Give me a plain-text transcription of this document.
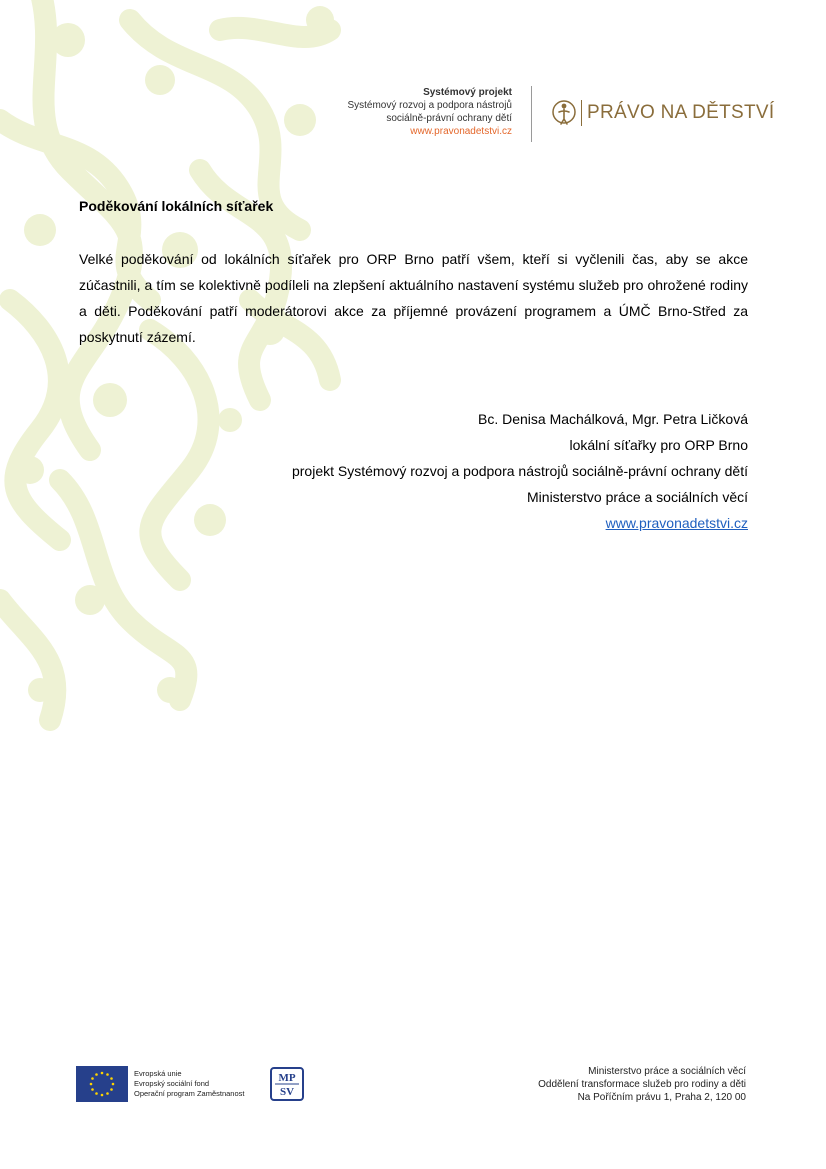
Systémový projekt
Systémový rozvoj a podpora nástrojů
sociálně-právní ochrany dětí
www.pravonadetstvi.cz
PRÁVO NA DĚTSTVÍ
Poděkování lokálních síťařek

Velké poděkování od lokálních síťařek pro ORP Brno patří všem, kteří si vyčlenili čas, aby se akce zúčastnili, a tím se kolektivně podíleli na zlepšení aktuálního nastavení systému služeb pro ohrožené rodiny a děti. Poděkování patří moderátorovi akce za příjemné provázení programem a ÚMČ Brno-Střed za poskytnutí zázemí.

Bc. Denisa Machálková, Mgr. Petra Ličková
lokální síťařky pro ORP Brno
projekt Systémový rozvoj a podpora nástrojů sociálně-právní ochrany dětí
Ministerstvo práce a sociálních věcí
www.pravonadetstvi.cz
Evropská unie
Evropský sociální fond
Operační program Zaměstnanost
MP
SV
Ministerstvo práce a sociálních věcí
Oddělení transformace služeb pro rodiny a děti
Na Poříčním právu 1, Praha 2, 120 00
